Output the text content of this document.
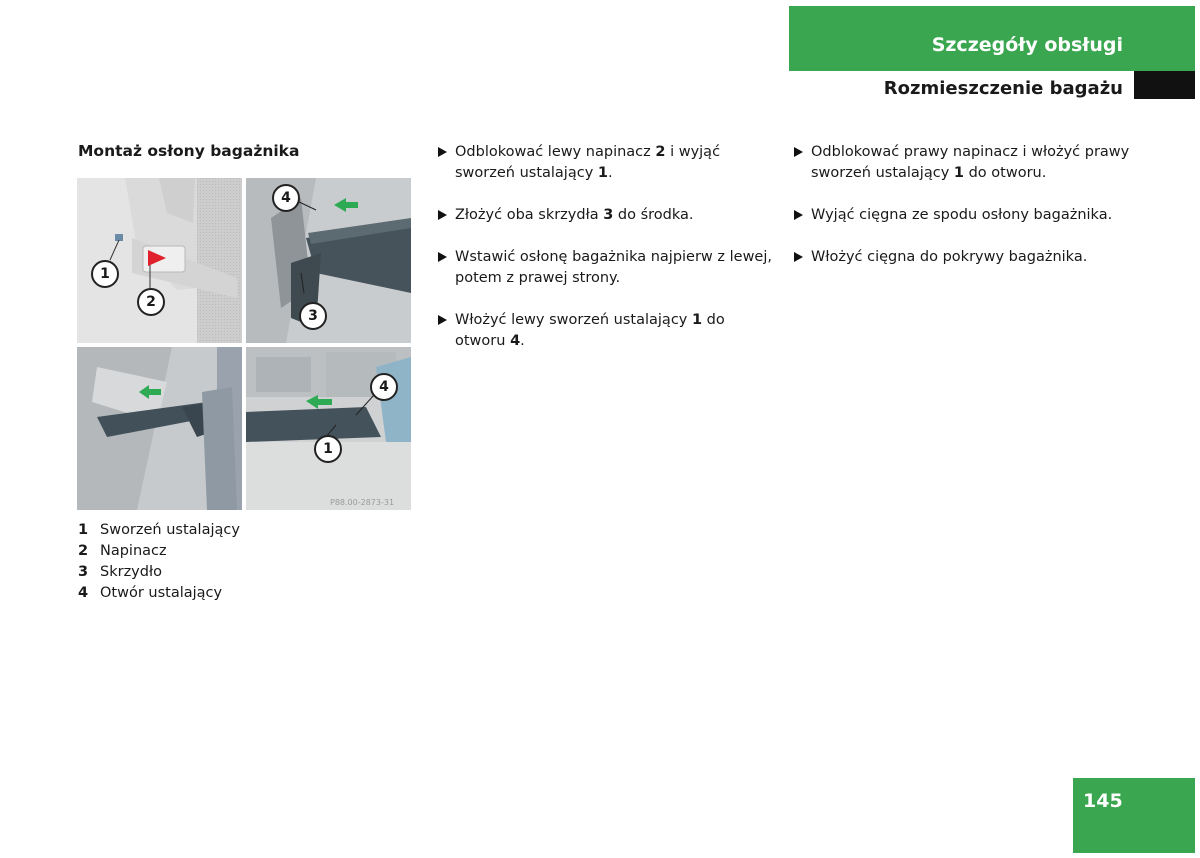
Szczegóły obsługi
Rozmieszczenie bagażu
Montaż osłony bagażnika
1
2
4
3
1
4
P88.00-2873-31
1 Sworzeń ustalający
2 Napinacz
3 Skrzydło
4 Otwór ustalający
Odblokować lewy napinacz 2 i wyjąć sworzeń ustalający 1.
Złożyć oba skrzydła 3 do środka.
Wstawić osłonę bagażnika najpierw z lewej, potem z prawej strony.
Włożyć lewy sworzeń ustalający 1 do otworu 4.
Odblokować prawy napinacz i włożyć prawy sworzeń ustalający 1 do otworu.
Wyjąć cięgna ze spodu osłony bagażnika.
Włożyć cięgna do pokrywy bagażnika.
145
